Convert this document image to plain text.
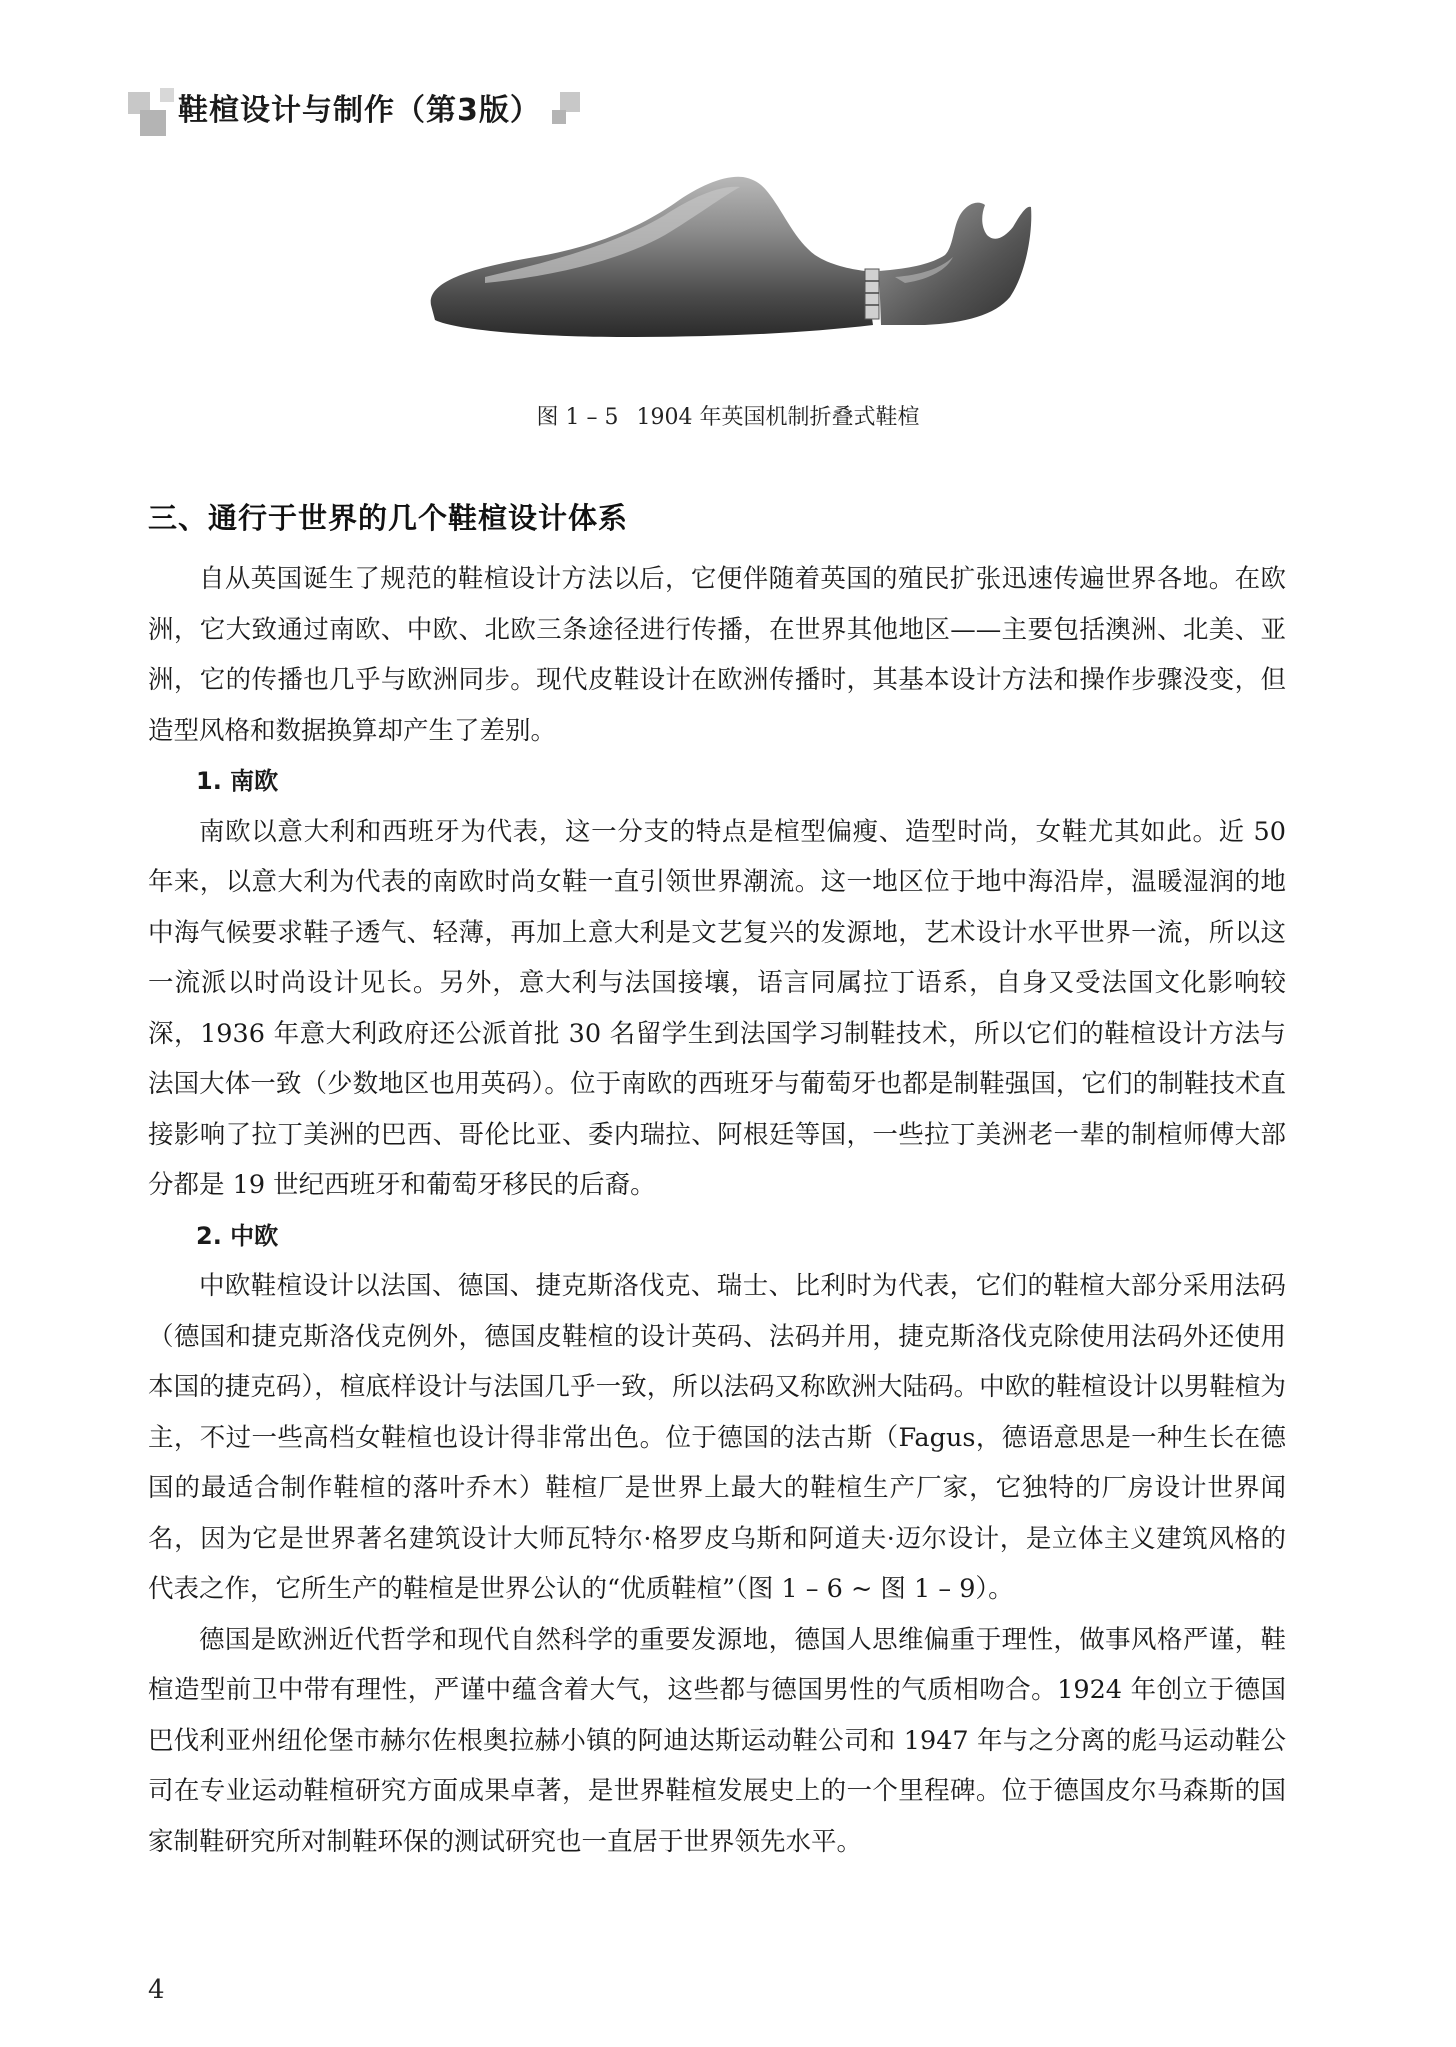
鞋楦设计与制作（第3版）
图 1 – 5 1904 年英国机制折叠式鞋楦
三、通行于世界的几个鞋楦设计体系

自从英国诞生了规范的鞋楦设计方法以后，它便伴随着英国的殖民扩张迅速传遍世界各地。在欧洲，它大致通过南欧、中欧、北欧三条途径进行传播，在世界其他地区——主要包括澳洲、北美、亚洲，它的传播也几乎与欧洲同步。现代皮鞋设计在欧洲传播时，其基本设计方法和操作步骤没变，但造型风格和数据换算却产生了差别。

1. 南欧

南欧以意大利和西班牙为代表，这一分支的特点是楦型偏瘦、造型时尚，女鞋尤其如此。近 50 年来，以意大利为代表的南欧时尚女鞋一直引领世界潮流。这一地区位于地中海沿岸，温暖湿润的地中海气候要求鞋子透气、轻薄，再加上意大利是文艺复兴的发源地，艺术设计水平世界一流，所以这一流派以时尚设计见长。另外，意大利与法国接壤，语言同属拉丁语系，自身又受法国文化影响较深，1936 年意大利政府还公派首批 30 名留学生到法国学习制鞋技术，所以它们的鞋楦设计方法与法国大体一致（少数地区也用英码）。位于南欧的西班牙与葡萄牙也都是制鞋强国，它们的制鞋技术直接影响了拉丁美洲的巴西、哥伦比亚、委内瑞拉、阿根廷等国，一些拉丁美洲老一辈的制楦师傅大部分都是 19 世纪西班牙和葡萄牙移民的后裔。

2. 中欧

中欧鞋楦设计以法国、德国、捷克斯洛伐克、瑞士、比利时为代表，它们的鞋楦大部分采用法码（德国和捷克斯洛伐克例外，德国皮鞋楦的设计英码、法码并用，捷克斯洛伐克除使用法码外还使用本国的捷克码），楦底样设计与法国几乎一致，所以法码又称欧洲大陆码。中欧的鞋楦设计以男鞋楦为主，不过一些高档女鞋楦也设计得非常出色。位于德国的法古斯（Fagus，德语意思是一种生长在德国的最适合制作鞋楦的落叶乔木）鞋楦厂是世界上最大的鞋楦生产厂家，它独特的厂房设计世界闻名，因为它是世界著名建筑设计大师瓦特尔·格罗皮乌斯和阿道夫·迈尔设计，是立体主义建筑风格的代表之作，它所生产的鞋楦是世界公认的“优质鞋楦”（图 1 – 6 ~ 图 1 – 9）。

德国是欧洲近代哲学和现代自然科学的重要发源地，德国人思维偏重于理性，做事风格严谨，鞋楦造型前卫中带有理性，严谨中蕴含着大气，这些都与德国男性的气质相吻合。1924 年创立于德国巴伐利亚州纽伦堡市赫尔佐根奥拉赫小镇的阿迪达斯运动鞋公司和 1947 年与之分离的彪马运动鞋公司在专业运动鞋楦研究方面成果卓著，是世界鞋楦发展史上的一个里程碑。位于德国皮尔马森斯的国家制鞋研究所对制鞋环保的测试研究也一直居于世界领先水平。

4
